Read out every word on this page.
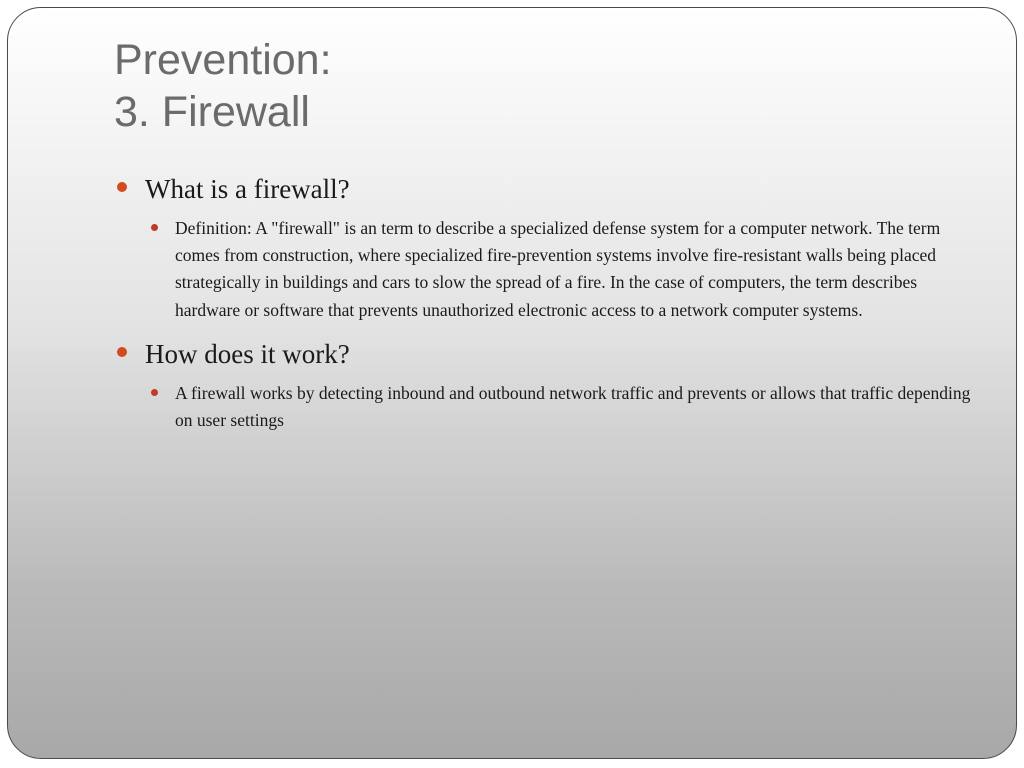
Prevention:
3. Firewall
What is a firewall?
Definition: A "firewall" is an term to describe a specialized defense system for a computer network. The term comes from construction, where specialized fire-prevention systems involve fire-resistant walls being placed strategically in buildings and cars to slow the spread of a fire. In the case of computers, the term describes hardware or software that prevents unauthorized electronic access to a network computer systems.
How does it work?
A firewall works by detecting inbound and outbound network traffic and prevents or allows that traffic depending on user settings
